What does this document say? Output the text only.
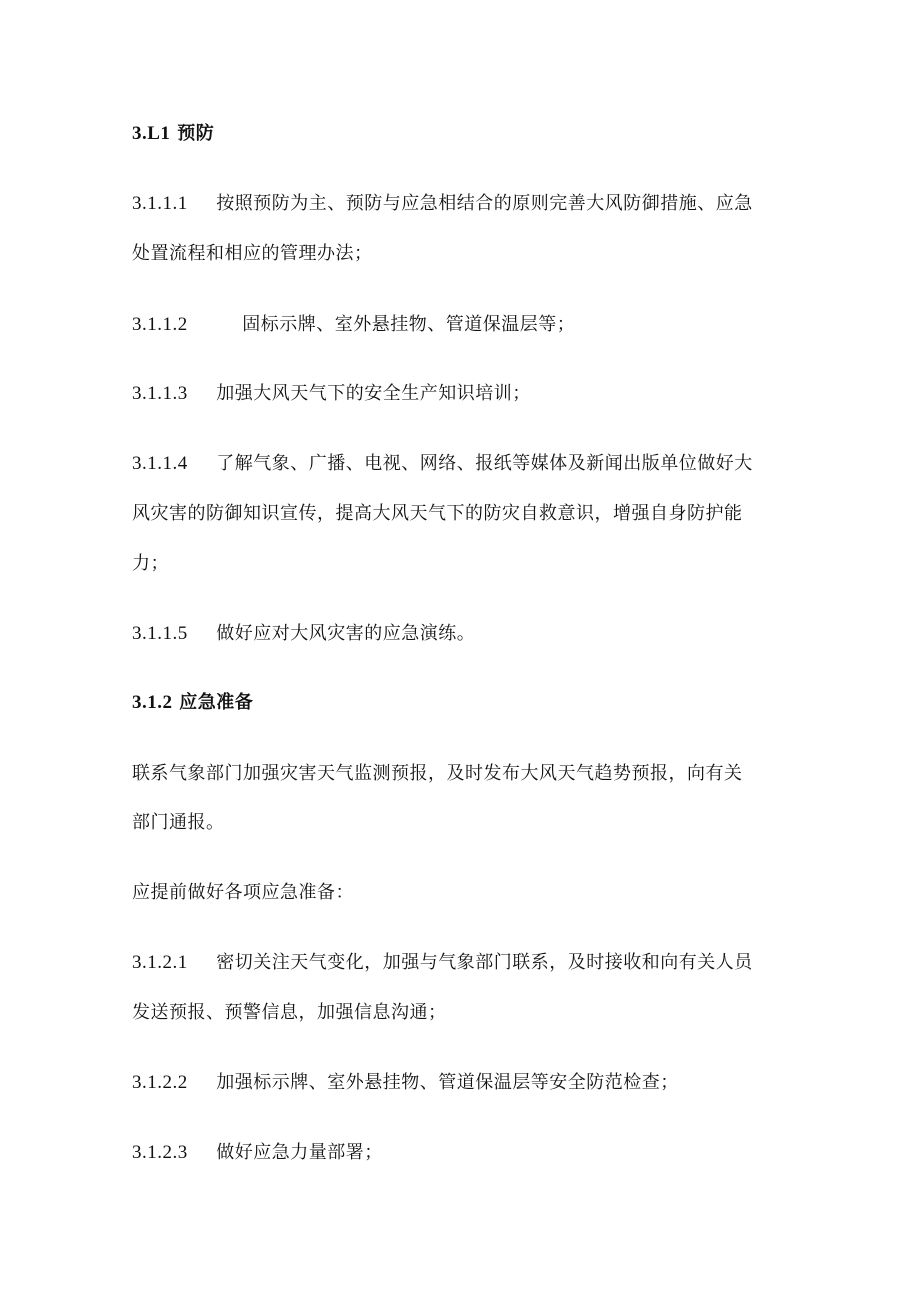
3.L1 预防
3.1.1.1 按照预防为主、预防与应急相结合的原则完善大风防御措施、应急
处置流程和相应的管理办法；
3.1.1.2	固标示牌、室外悬挂物、管道保温层等；
3.1.1.3 加强大风天气下的安全生产知识培训；
3.1.1.4 了解气象、广播、电视、网络、报纸等媒体及新闻出版单位做好大
风灾害的防御知识宣传，提高大风天气下的防灾自救意识，增强自身防护能
力；
3.1.1.5 做好应对大风灾害的应急演练。
3.1.2 应急准备
联系气象部门加强灾害天气监测预报，及时发布大风天气趋势预报，向有关
部门通报。
应提前做好各项应急准备：
3.1.2.1 密切关注天气变化，加强与气象部门联系，及时接收和向有关人员
发送预报、预警信息，加强信息沟通；
3.1.2.2 加强标示牌、室外悬挂物、管道保温层等安全防范检查；
3.1.2.3 做好应急力量部署；
